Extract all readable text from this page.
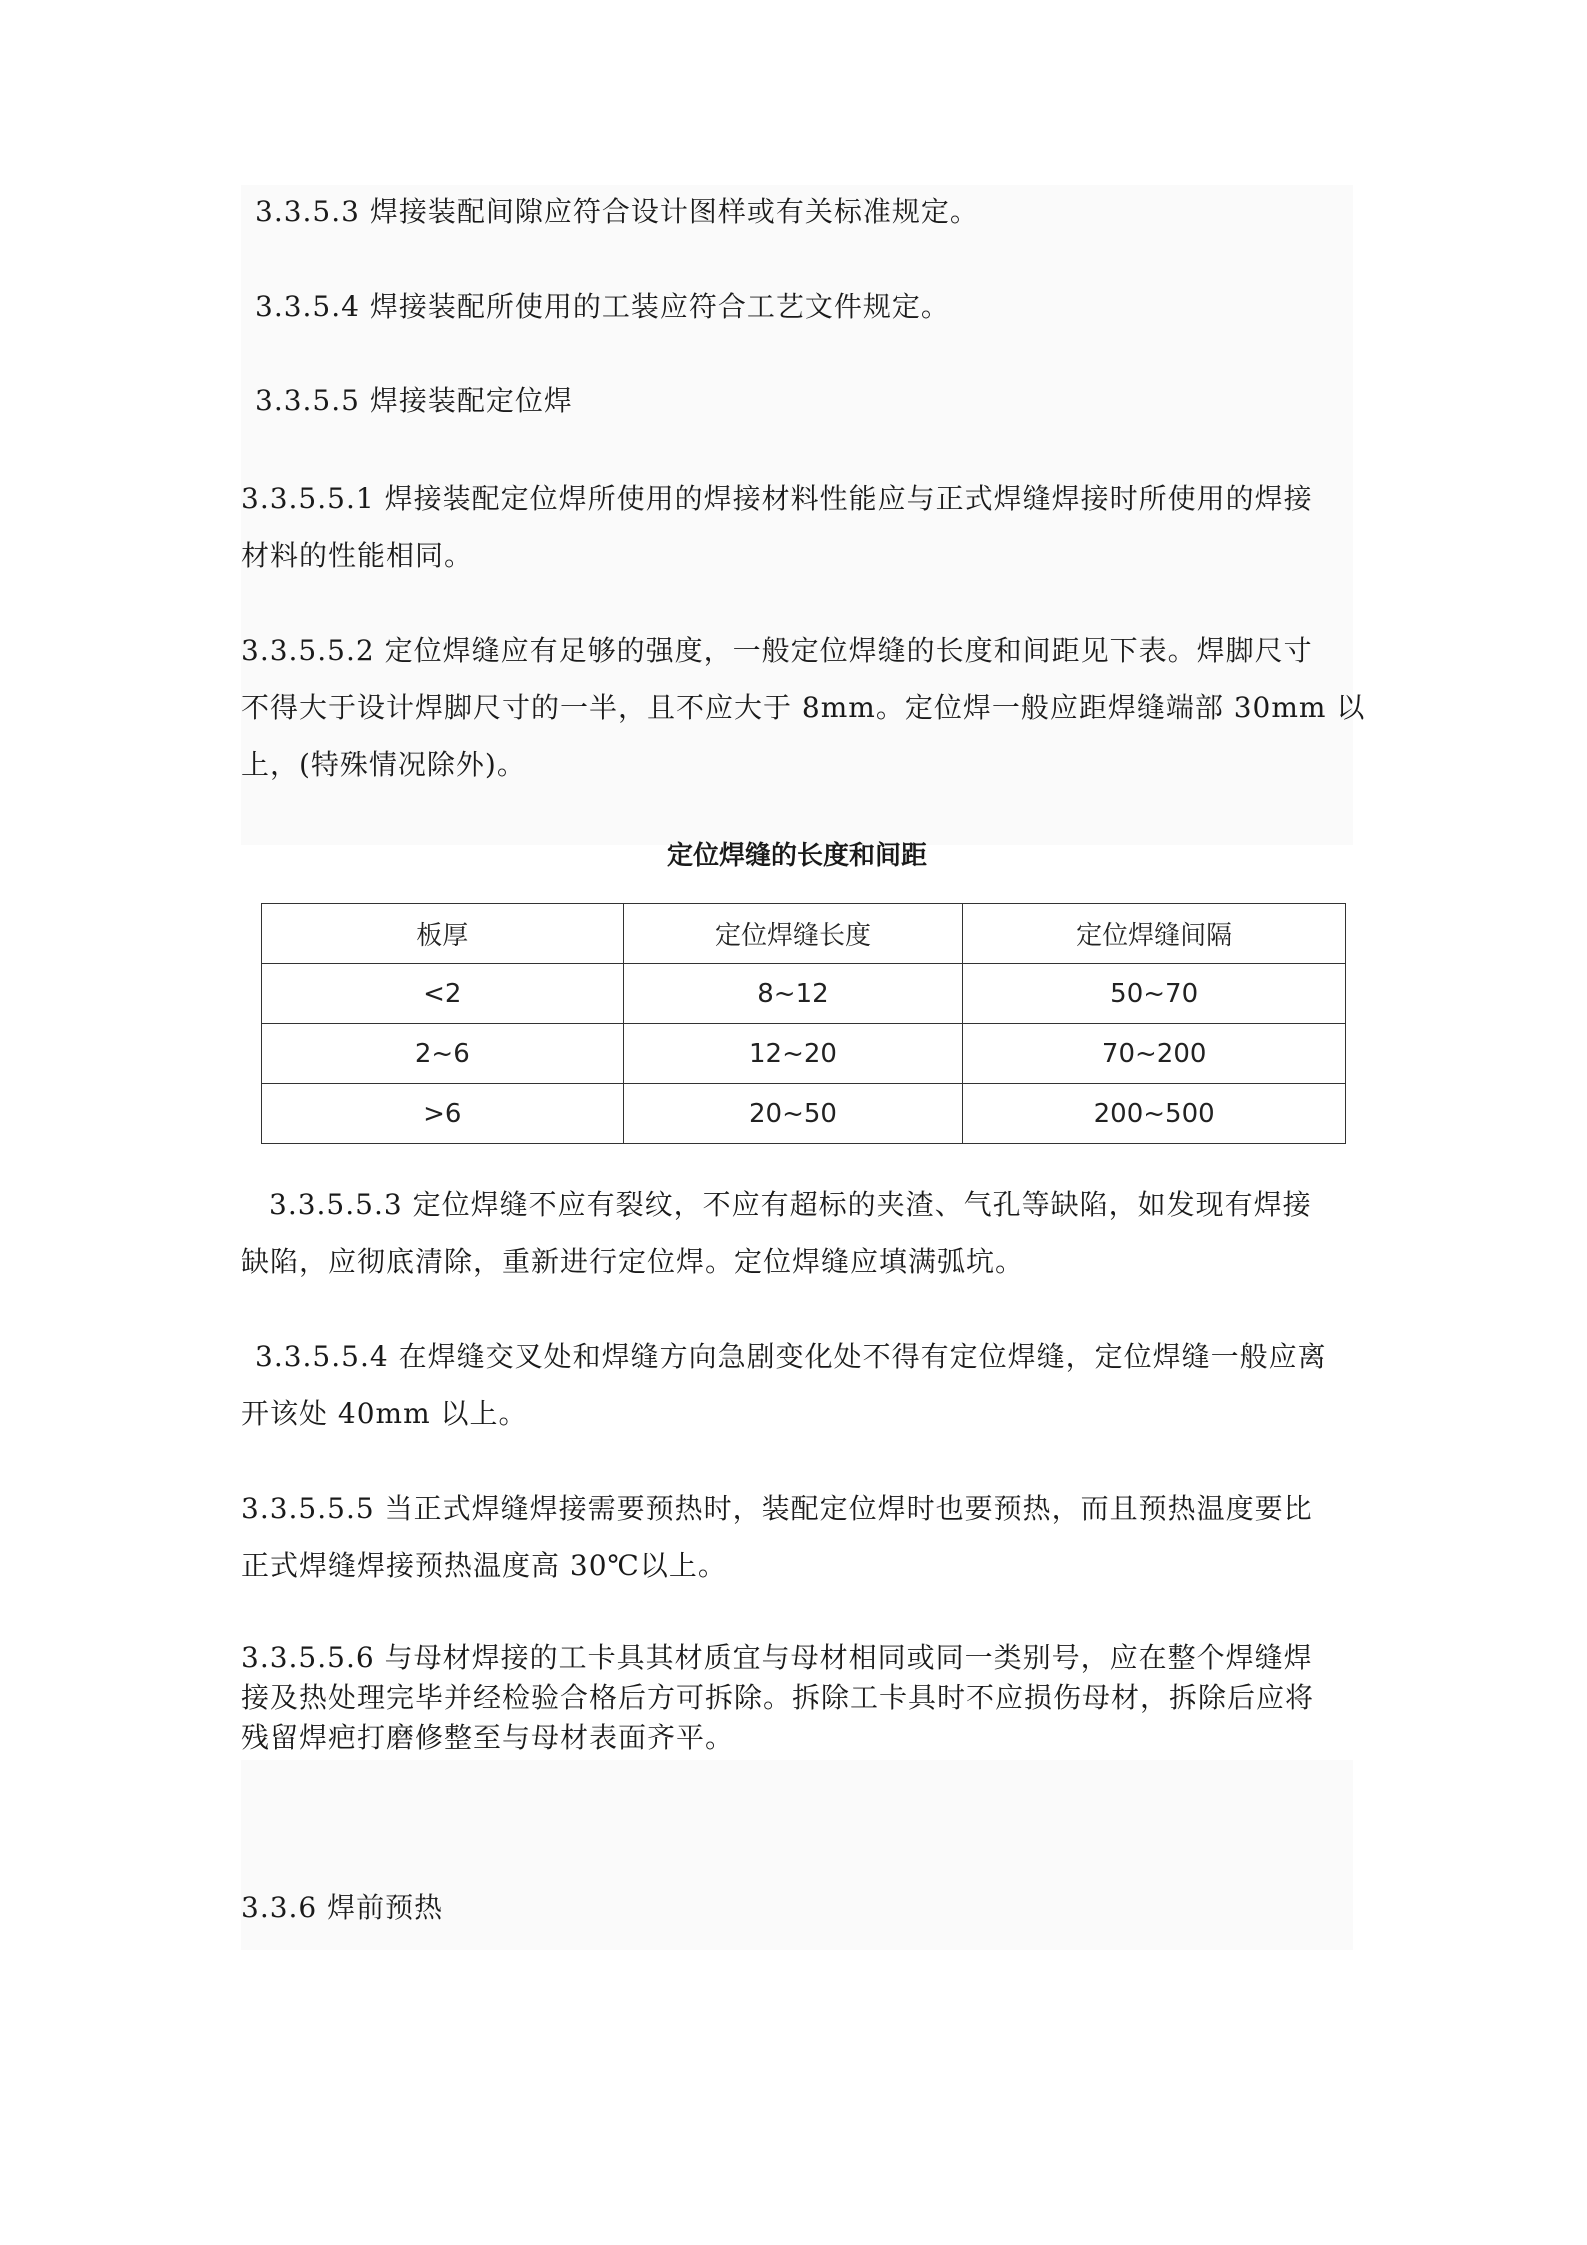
3.3.5.3 焊接装配间隙应符合设计图样或有关标准规定。

3.3.5.4 焊接装配所使用的工装应符合工艺文件规定。

3.3.5.5 焊接装配定位焊

3.3.5.5.1 焊接装配定位焊所使用的焊接材料性能应与正式焊缝焊接时所使用的焊接
材料的性能相同。

3.3.5.5.2 定位焊缝应有足够的强度，一般定位焊缝的长度和间距见下表。焊脚尺寸
不得大于设计焊脚尺寸的一半，且不应大于 8mm。定位焊一般应距焊缝端部 30mm 以
上，(特殊情况除外)。

定位焊缝的长度和间距
板厚	定位焊缝长度	定位焊缝间隔
<2	8~12	50~70
2~6	12~20	70~200
>6	20~50	200~500

3.3.5.5.3 定位焊缝不应有裂纹，不应有超标的夹渣、气孔等缺陷，如发现有焊接
缺陷，应彻底清除，重新进行定位焊。定位焊缝应填满弧坑。

3.3.5.5.4 在焊缝交叉处和焊缝方向急剧变化处不得有定位焊缝，定位焊缝一般应离
开该处 40mm 以上。

3.3.5.5.5 当正式焊缝焊接需要预热时，装配定位焊时也要预热，而且预热温度要比
正式焊缝焊接预热温度高 30℃以上。

3.3.5.5.6 与母材焊接的工卡具其材质宜与母材相同或同一类别号，应在整个焊缝焊
接及热处理完毕并经检验合格后方可拆除。拆除工卡具时不应损伤母材，拆除后应将
残留焊疤打磨修整至与母材表面齐平。

3.3.6 焊前预热
